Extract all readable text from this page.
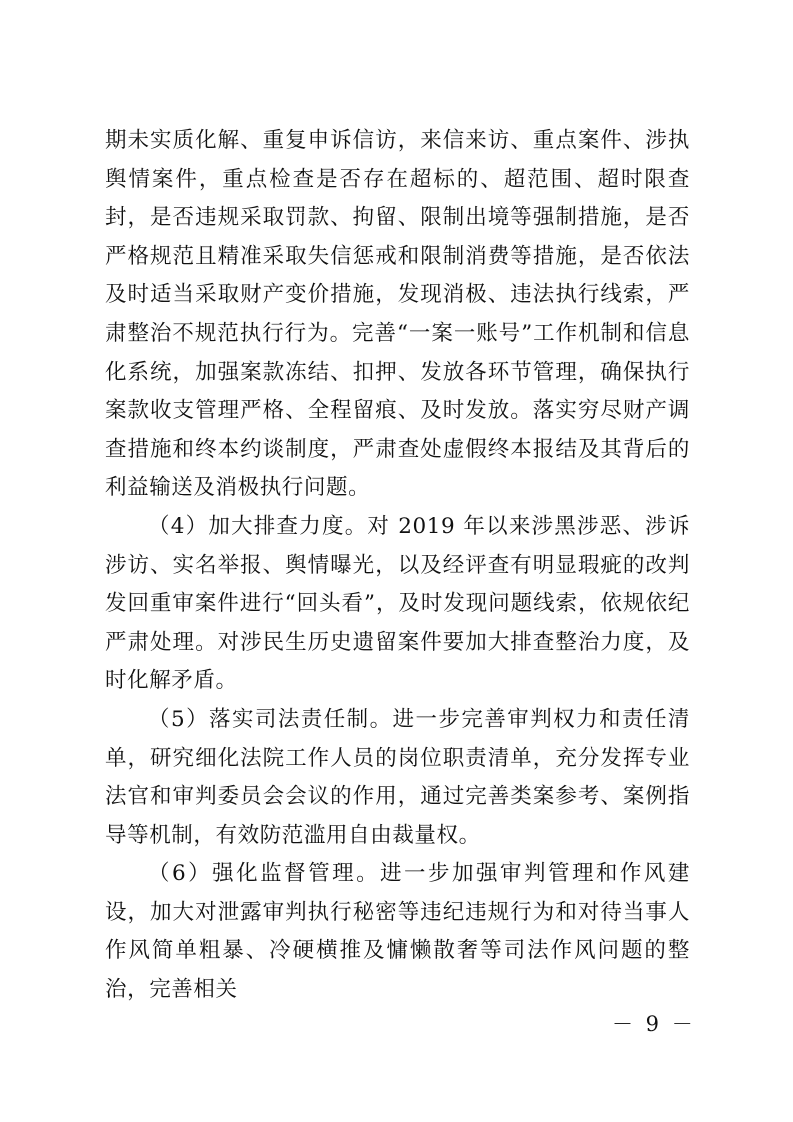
期未实质化解、重复申诉信访，来信来访、重点案件、涉执舆情案件，重点检查是否存在超标的、超范围、超时限查封，是否违规采取罚款、拘留、限制出境等强制措施，是否严格规范且精准采取失信惩戒和限制消费等措施，是否依法及时适当采取财产变价措施，发现消极、违法执行线索，严肃整治不规范执行行为。完善“一案一账号”工作机制和信息化系统，加强案款冻结、扣押、发放各环节管理，确保执行案款收支管理严格、全程留痕、及时发放。落实穷尽财产调查措施和终本约谈制度，严肃查处虚假终本报结及其背后的利益输送及消极执行问题。

（4）加大排查力度。对 2019 年以来涉黑涉恶、涉诉涉访、实名举报、舆情曝光，以及经评查有明显瑕疵的改判发回重审案件进行“回头看”，及时发现问题线索，依规依纪严肃处理。对涉民生历史遗留案件要加大排查整治力度，及时化解矛盾。

（5）落实司法责任制。进一步完善审判权力和责任清单，研究细化法院工作人员的岗位职责清单，充分发挥专业法官和审判委员会会议的作用，通过完善类案参考、案例指导等机制，有效防范滥用自由裁量权。

（6）强化监督管理。进一步加强审判管理和作风建设，加大对泄露审判执行秘密等违纪违规行为和对待当事人作风简单粗暴、冷硬横推及慵懒散奢等司法作风问题的整治，完善相关

－ 9 －
